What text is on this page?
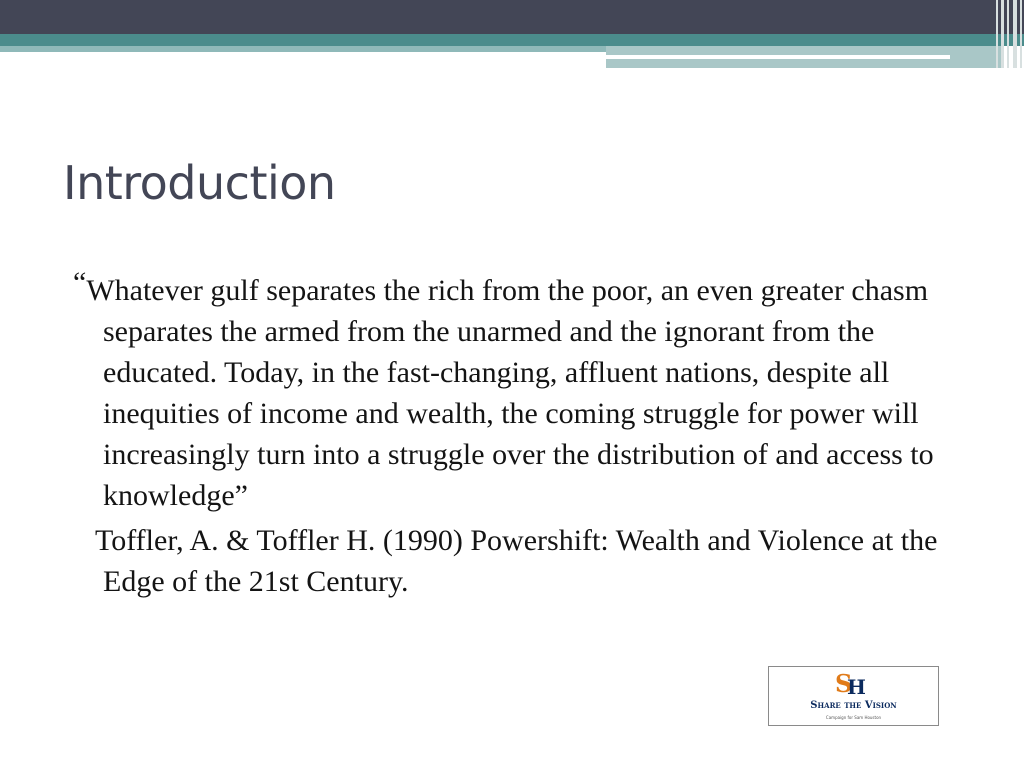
Introduction

“Whatever gulf separates the rich from the poor, an even greater chasm separates the armed from the unarmed and the ignorant from the educated. Today, in the fast-changing, affluent nations, despite all inequities of income and wealth, the coming struggle for power will increasingly turn into a struggle over the distribution of and access to knowledge”

Toffler, A. & Toffler H. (1990) Powershift: Wealth and Violence at the Edge of the 21st Century.

S
H
Share the Vision
Campaign for Sam Houston
